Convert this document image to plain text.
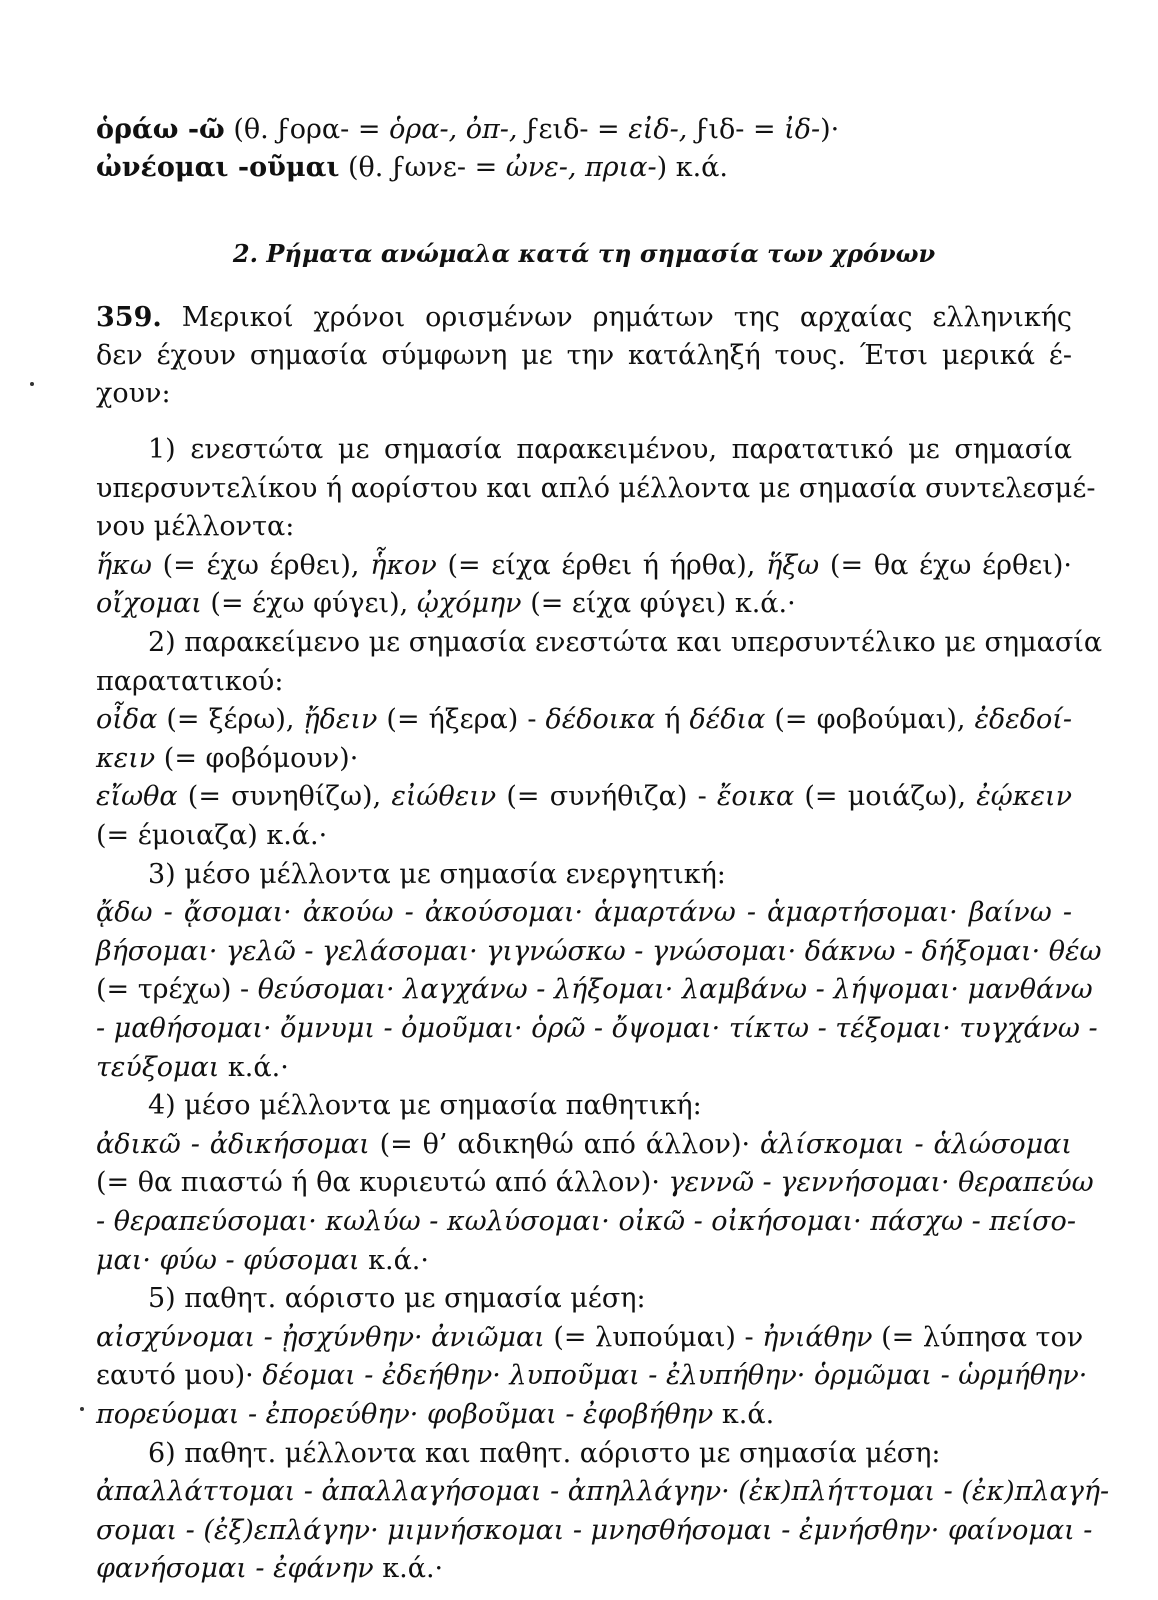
ὁράω -ῶ (θ. ϝορα- = ὁρα-, ὀπ-, ϝειδ- = εἰδ-, ϝιδ- = ἰδ-)·
ὠνέομαι -οῦμαι (θ. ϝωνε- = ὠνε-, πρια-) κ.ά.
2. Ρήματα ανώμαλα κατά τη σημασία των χρόνων
359. Μερικοί χρόνοι ορισμένων ρημάτων της αρχαίας ελληνικής
δεν έχουν σημασία σύμφωνη με την κατάληξή τους. Έτσι μερικά έ-
χουν:
1) ενεστώτα με σημασία παρακειμένου, παρατατικό με σημασία
υπερσυντελίκου ή αορίστου και απλό μέλλοντα με σημασία συντελεσμέ-
νου μέλλοντα:
ἥκω (= έχω έρθει), ἧκον (= είχα έρθει ή ήρθα), ἥξω (= θα έχω έρθει)·
οἴχομαι (= έχω φύγει), ᾠχόμην (= είχα φύγει) κ.ά.·
2) παρακείμενο με σημασία ενεστώτα και υπερσυντέλικο με σημασία
παρατατικού:
οἶδα (= ξέρω), ᾔδειν (= ήξερα) - δέδοικα ή δέδια (= φοβούμαι), ἐδεδοί-
κειν (= φοβόμουν)·
εἴωθα (= συνηθίζω), εἰώθειν (= συνήθιζα) - ἔοικα (= μοιάζω), ἐῴκειν
(= έμοιαζα) κ.ά.·
3) μέσο μέλλοντα με σημασία ενεργητική:
ᾄδω - ᾄσομαι· ἀκούω - ἀκούσομαι· ἁμαρτάνω - ἁμαρτήσομαι· βαίνω -
βήσομαι· γελῶ - γελάσομαι· γιγνώσκω - γνώσομαι· δάκνω - δήξομαι· θέω
(= τρέχω) - θεύσομαι· λαγχάνω - λήξομαι· λαμβάνω - λήψομαι· μανθάνω
- μαθήσομαι· ὄμνυμι - ὀμοῦμαι· ὁρῶ - ὄψομαι· τίκτω - τέξομαι· τυγχάνω -
τεύξομαι κ.ά.·
4) μέσο μέλλοντα με σημασία παθητική:
ἀδικῶ - ἀδικήσομαι (= θ’ αδικηθώ από άλλον)· ἁλίσκομαι - ἁλώσομαι
(= θα πιαστώ ή θα κυριευτώ από άλλον)· γεννῶ - γεννήσομαι· θεραπεύω
- θεραπεύσομαι· κωλύω - κωλύσομαι· οἰκῶ - οἰκήσομαι· πάσχω - πείσο-
μαι· φύω - φύσομαι κ.ά.·
5) παθητ. αόριστο με σημασία μέση:
αἰσχύνομαι - ᾐσχύνθην· ἀνιῶμαι (= λυπούμαι) - ἠνιάθην (= λύπησα τον
εαυτό μου)· δέομαι - ἐδεήθην· λυποῦμαι - ἐλυπήθην· ὁρμῶμαι - ὡρμήθην·
πορεύομαι - ἐπορεύθην· φοβοῦμαι - ἐφοβήθην κ.ά.
6) παθητ. μέλλοντα και παθητ. αόριστο με σημασία μέση:
ἀπαλλάττομαι - ἀπαλλαγήσομαι - ἀπηλλάγην· (ἐκ)πλήττομαι - (ἐκ)πλαγή-
σομαι - (ἐξ)επλάγην· μιμνήσκομαι - μνησθήσομαι - ἐμνήσθην· φαίνομαι -
φανήσομαι - ἐφάνην κ.ά.·
